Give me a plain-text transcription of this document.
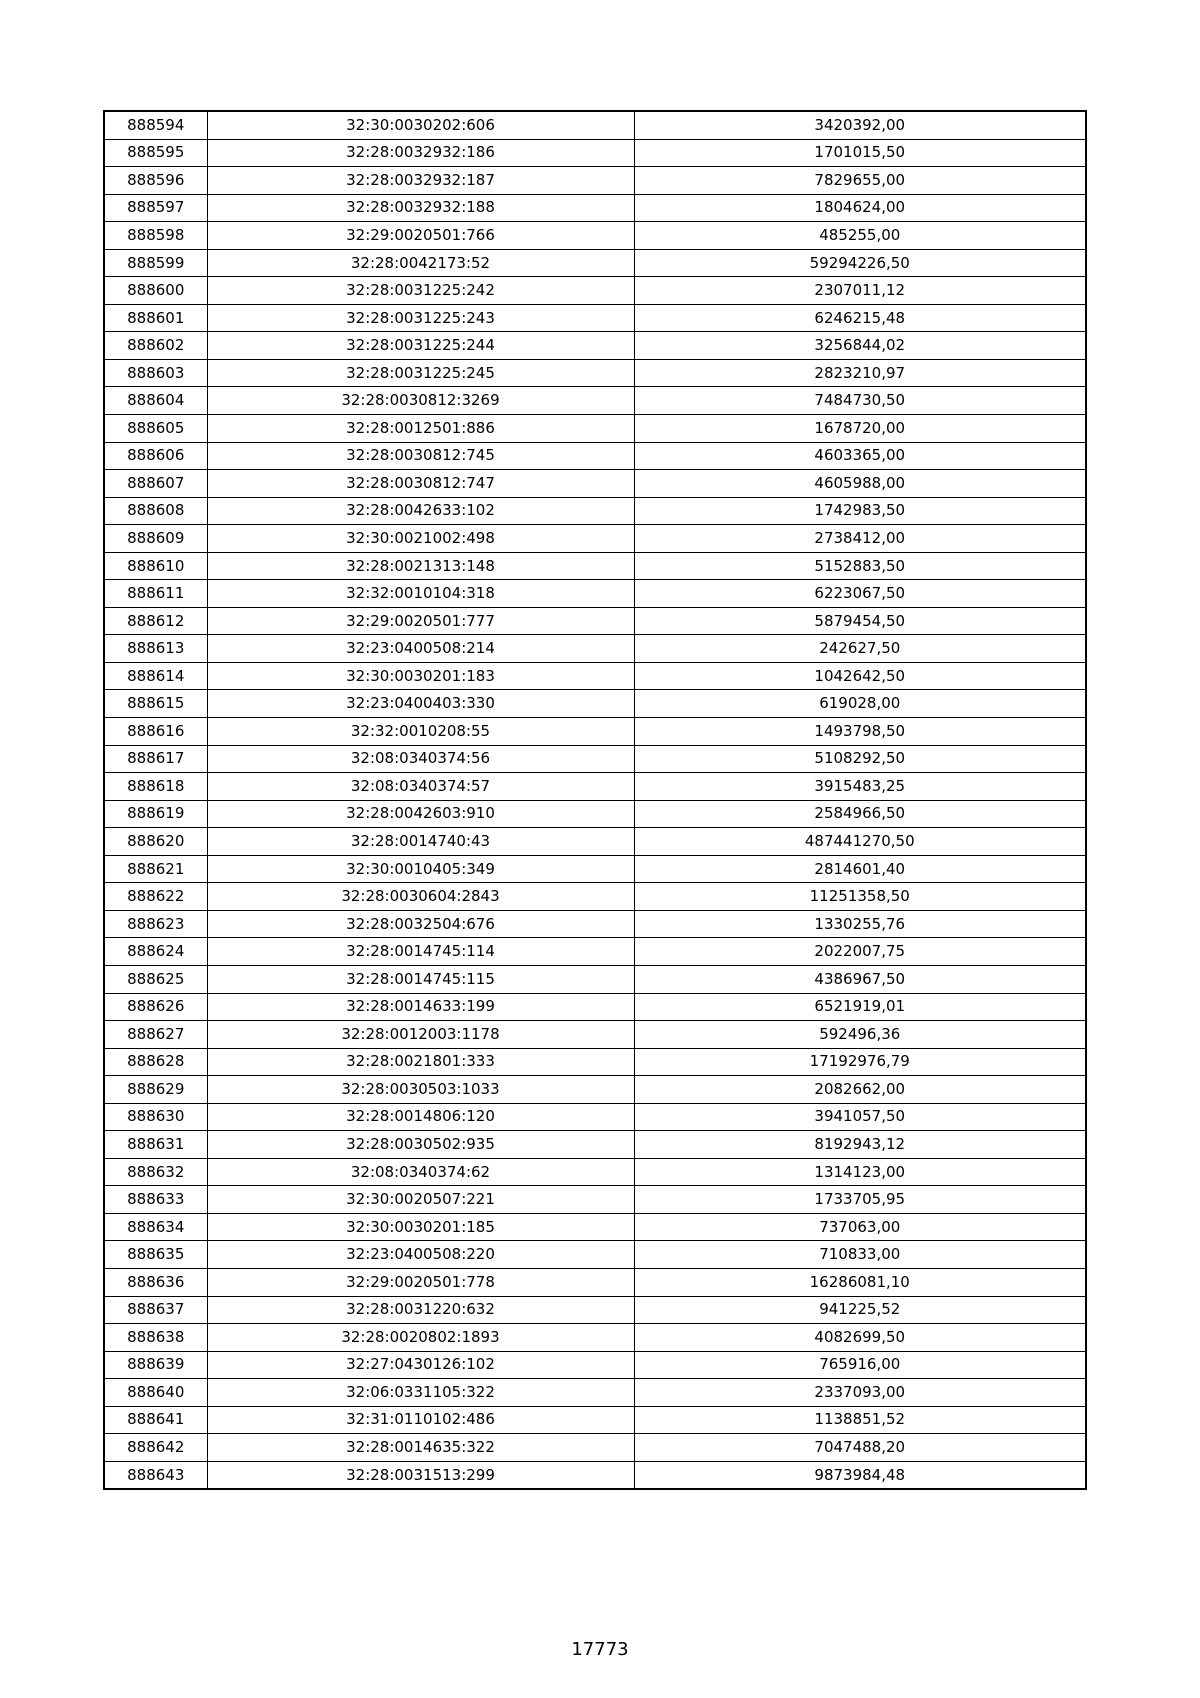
888594	32:30:0030202:606	3420392,00
888595	32:28:0032932:186	1701015,50
888596	32:28:0032932:187	7829655,00
888597	32:28:0032932:188	1804624,00
888598	32:29:0020501:766	485255,00
888599	32:28:0042173:52	59294226,50
888600	32:28:0031225:242	2307011,12
888601	32:28:0031225:243	6246215,48
888602	32:28:0031225:244	3256844,02
888603	32:28:0031225:245	2823210,97
888604	32:28:0030812:3269	7484730,50
888605	32:28:0012501:886	1678720,00
888606	32:28:0030812:745	4603365,00
888607	32:28:0030812:747	4605988,00
888608	32:28:0042633:102	1742983,50
888609	32:30:0021002:498	2738412,00
888610	32:28:0021313:148	5152883,50
888611	32:32:0010104:318	6223067,50
888612	32:29:0020501:777	5879454,50
888613	32:23:0400508:214	242627,50
888614	32:30:0030201:183	1042642,50
888615	32:23:0400403:330	619028,00
888616	32:32:0010208:55	1493798,50
888617	32:08:0340374:56	5108292,50
888618	32:08:0340374:57	3915483,25
888619	32:28:0042603:910	2584966,50
888620	32:28:0014740:43	487441270,50
888621	32:30:0010405:349	2814601,40
888622	32:28:0030604:2843	11251358,50
888623	32:28:0032504:676	1330255,76
888624	32:28:0014745:114	2022007,75
888625	32:28:0014745:115	4386967,50
888626	32:28:0014633:199	6521919,01
888627	32:28:0012003:1178	592496,36
888628	32:28:0021801:333	17192976,79
888629	32:28:0030503:1033	2082662,00
888630	32:28:0014806:120	3941057,50
888631	32:28:0030502:935	8192943,12
888632	32:08:0340374:62	1314123,00
888633	32:30:0020507:221	1733705,95
888634	32:30:0030201:185	737063,00
888635	32:23:0400508:220	710833,00
888636	32:29:0020501:778	16286081,10
888637	32:28:0031220:632	941225,52
888638	32:28:0020802:1893	4082699,50
888639	32:27:0430126:102	765916,00
888640	32:06:0331105:322	2337093,00
888641	32:31:0110102:486	1138851,52
888642	32:28:0014635:322	7047488,20
888643	32:28:0031513:299	9873984,48
17773
